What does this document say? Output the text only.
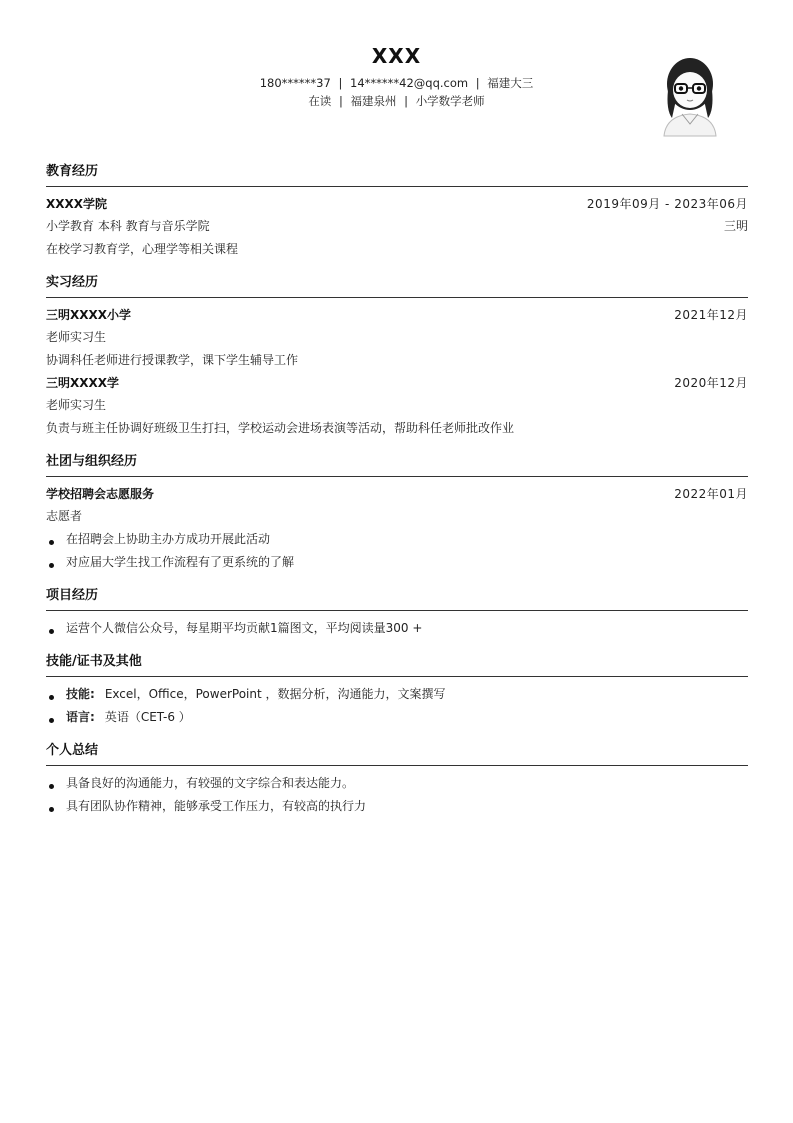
XXX
180******37 | 14******42@qq.com | 福建大三
在读 | 福建泉州 | 小学数学老师
教育经历
XXXX学院	2019年09月 - 2023年06月
小学教育 本科 教育与音乐学院	三明
在校学习教育学，心理学等相关课程
实习经历
三明XXXX小学	2021年12月
老师实习生
协调科任老师进行授课教学，课下学生辅导工作
三明XXXX学	2020年12月
老师实习生
负责与班主任协调好班级卫生打扫，学校运动会进场表演等活动，帮助科任老师批改作业
社团与组织经历
学校招聘会志愿服务	2022年01月
志愿者
在招聘会上协助主办方成功开展此活动
对应届大学生找工作流程有了更系统的了解
项目经历
运营个人微信公众号，每星期平均贡献1篇图文，平均阅读量300 +
技能/证书及其他
技能: Excel，Office，PowerPoint ，数据分析，沟通能力，文案撰写
语言: 英语（CET-6 ）
个人总结
具备良好的沟通能力，有较强的文字综合和表达能力。
具有团队协作精神，能够承受工作压力，有较高的执行力
